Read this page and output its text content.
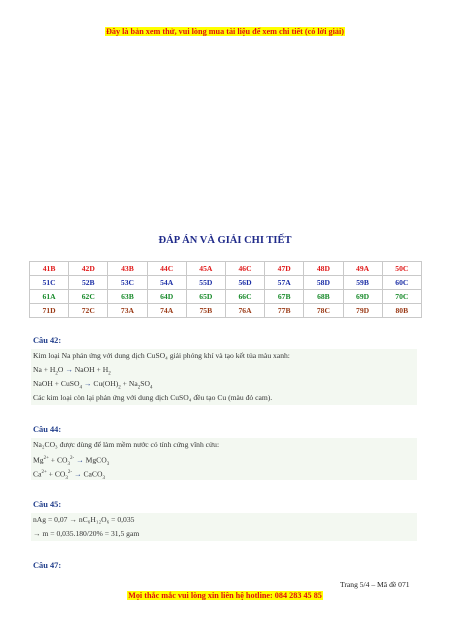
Đây là bản xem thử, vui lòng mua tài liệu để xem chi tiết (có lời giải)
ĐÁP ÁN VÀ GIẢI CHI TIẾT
41B	42D	43B	44C	45A	46C	47D	48D	49A	50C
51C	52B	53C	54A	55D	56D	57A	58D	59B	60C
61A	62C	63B	64D	65D	66C	67B	68B	69D	70C
71D	72C	73A	74A	75B	76A	77B	78C	79D	80B
Câu 42:
Kim loại Na phản ứng với dung dịch CuSO₄ giải phóng khí và tạo kết tủa màu xanh:
$Na + H_2O$ → NaOH + $H_2$
NaOH + CuSO$_4$ → $Cu(OH)_2 + Na_2SO_4$
Các kim loại còn lại phản ứng với dung dịch CuSO₄ đều tạo Cu (màu đỏ cam).
Câu 44:
Na₂CO₃ được dùng để làm mềm nước có tính cứng vĩnh cửu:
$Mg^{2+} + CO_3^{2-}$ → MgCO$_3$
$Ca^{2+} + CO_3^{2-}$ → CaCO$_3$
Câu 45:
nAg = 0,07 → nC₆H₁₂O₆ = 0,035
→ m = 0,035.180/20% = 31,5 gam
Câu 47:
Trang 5/4 – Mã đề 071
Mọi thắc mắc vui lòng xin liên hệ hotline: 084 283 45 85
